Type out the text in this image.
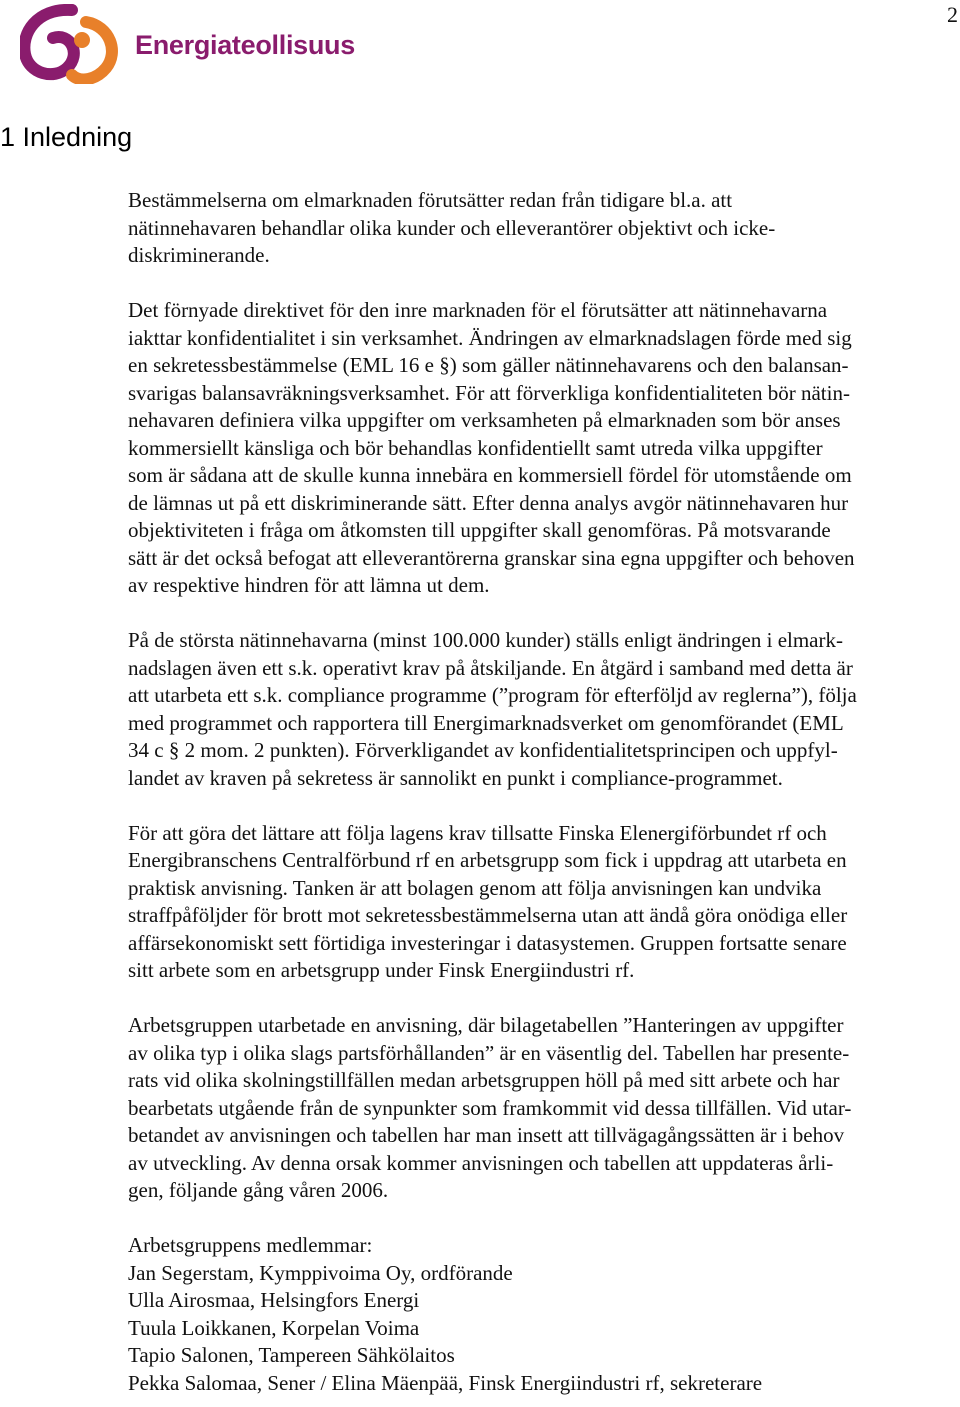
2
Energiateollisuus
1 Inledning

Bestämmelserna om elmarknaden förutsätter redan från tidigare bl.a. att
nätinnehavaren behandlar olika kunder och elleverantörer objektivt och icke-
diskriminerande.

Det förnyade direktivet för den inre marknaden för el förutsätter att nätinnehavarna
iakttar konfidentialitet i sin verksamhet. Ändringen av elmarknadslagen förde med sig
en sekretessbestämmelse (EML 16 e §) som gäller nätinnehavarens och den balansan-
svarigas balansavräkningsverksamhet. För att förverkliga konfidentialiteten bör nätin-
nehavaren definiera vilka uppgifter om verksamheten på elmarknaden som bör anses
kommersiellt känsliga och bör behandlas konfidentiellt samt utreda vilka uppgifter
som är sådana att de skulle kunna innebära en kommersiell fördel för utomstående om
de lämnas ut på ett diskriminerande sätt. Efter denna analys avgör nätinnehavaren hur
objektiviteten i fråga om åtkomsten till uppgifter skall genomföras. På motsvarande
sätt är det också befogat att elleverantörerna granskar sina egna uppgifter och behoven
av respektive hindren för att lämna ut dem.

På de största nätinnehavarna (minst 100.000 kunder) ställs enligt ändringen i elmark-
nadslagen även ett s.k. operativt krav på åtskiljande. En åtgärd i samband med detta är
att utarbeta ett s.k. compliance programme (”program för efterföljd av reglerna”), följa
med programmet och rapportera till Energimarknadsverket om genomförandet (EML
34 c § 2 mom. 2 punkten). Förverkligandet av konfidentialitetsprincipen och uppfyl-
landet av kraven på sekretess är sannolikt en punkt i compliance-programmet.

För att göra det lättare att följa lagens krav tillsatte Finska Elenergiförbundet rf och
Energibranschens Centralförbund rf en arbetsgrupp som fick i uppdrag att utarbeta en
praktisk anvisning. Tanken är att bolagen genom att följa anvisningen kan undvika
straffpåföljder för brott mot sekretessbestämmelserna utan att ändå göra onödiga eller
affärsekonomiskt sett förtidiga investeringar i datasystemen. Gruppen fortsatte senare
sitt arbete som en arbetsgrupp under Finsk Energiindustri rf.

Arbetsgruppen utarbetade en anvisning, där bilagetabellen ”Hanteringen av uppgifter
av olika typ i olika slags partsförhållanden” är en väsentlig del. Tabellen har presente-
rats vid olika skolningstillfällen medan arbetsgruppen höll på med sitt arbete och har
bearbetats utgående från de synpunkter som framkommit vid dessa tillfällen. Vid utar-
betandet av anvisningen och tabellen har man insett att tillvägagångssätten är i behov
av utveckling. Av denna orsak kommer anvisningen och tabellen att uppdateras årli-
gen, följande gång våren 2006.

Arbetsgruppens medlemmar:
Jan Segerstam, Kymppivoima Oy, ordförande
Ulla Airosmaa, Helsingfors Energi
Tuula Loikkanen, Korpelan Voima
Tapio Salonen, Tampereen Sähkölaitos
Pekka Salomaa, Sener / Elina Mäenpää, Finsk Energiindustri rf, sekreterare
